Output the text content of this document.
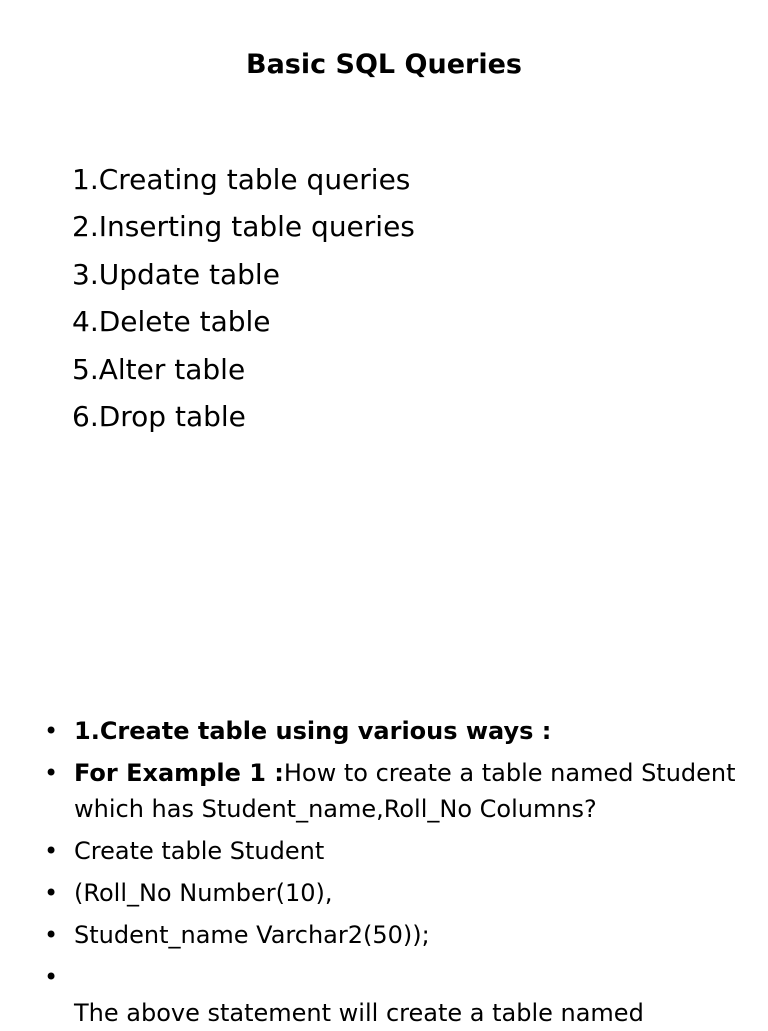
Basic SQL Queries
1.Creating table queries
2.Inserting table queries
3.Update table
4.Delete table
5.Alter table
6.Drop table
• 1.Create table using various ways :
• For Example 1 :How to create a table named Student which has Student_name,Roll_No Columns?
• Create table Student
• (Roll_No Number(10),
• Student_name Varchar2(50));
•

The above statement will create a table named
